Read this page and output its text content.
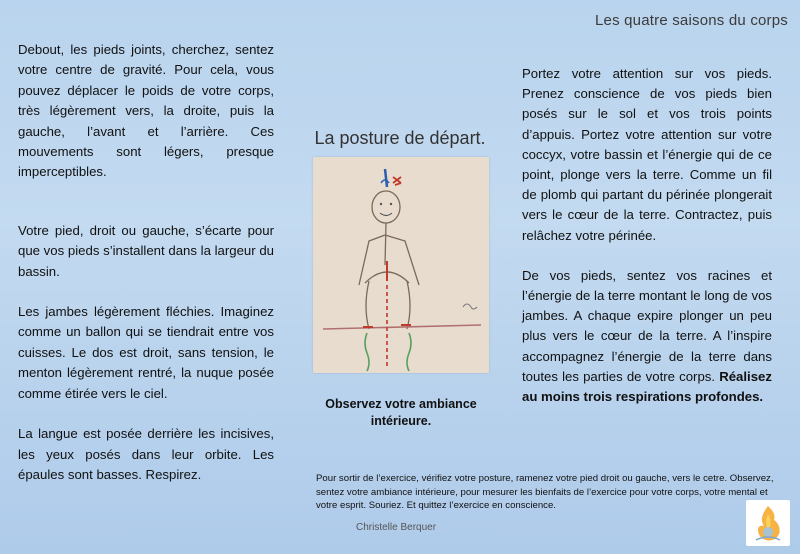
Les quatre saisons du corps

Debout, les pieds joints, cherchez, sentez votre centre de gravité. Pour cela, vous pouvez déplacer le poids de votre corps, très légèrement vers, la droite, puis la gauche, l’avant et l’arrière. Ces mouvements sont légers, presque imperceptibles.

Votre pied, droit ou gauche, s’écarte pour que vos pieds s’installent dans la largeur du bassin.

Les jambes légèrement fléchies. Imaginez comme un ballon qui se tiendrait entre vos cuisses. Le dos est droit, sans tension, le menton légèrement rentré, la nuque posée comme étirée vers le ciel.

La langue est posée derrière les incisives, les yeux posés dans leur orbite. Les épaules sont basses. Respirez.

La posture de départ.
Observez votre ambiance intérieure.

Portez votre attention sur vos pieds. Prenez conscience de vos pieds bien posés sur le sol et vos trois points d’appuis. Portez votre attention sur votre coccyx, votre bassin et l’énergie qui de ce point, plonge vers la terre. Comme un fil de plomb qui partant du périnée plongerait vers le cœur de la terre. Contractez, puis relâchez votre périnée.

De vos pieds, sentez vos racines et l’énergie de la terre montant le long de vos jambes. A chaque expire plonger un peu plus vers le cœur de la terre. A l’inspire accompagnez l’énergie de la terre dans toutes les parties de votre corps. Réalisez au moins trois respirations profondes.

Pour sortir de l’exercice, vérifiez votre posture, ramenez votre pied droit ou gauche, vers le cetre. Observez, sentez votre ambiance intérieure, pour mesurer les bienfaits de l’exercice pour votre corps, votre mental et votre esprit. Souriez. Et quittez l’exercice en conscience.
Christelle Berquer
